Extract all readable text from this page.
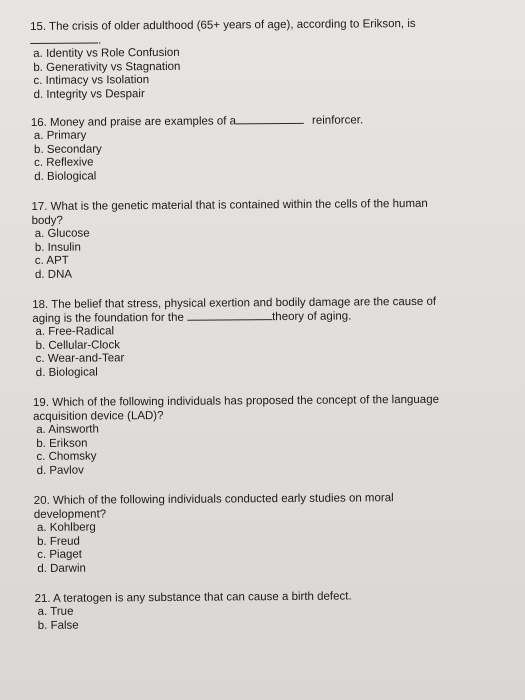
15. The crisis of older adulthood (65+ years of age), according to Erikson, is

.

a. Identity vs Role Confusion

b. Generativity vs Stagnation

c. Intimacy vs Isolation

d. Integrity vs Despair

16. Money and praise are examples of a	reinforcer.

a. Primary

b. Secondary

c. Reflexive

d. Biological

17. What is the genetic material that is contained within the cells of the human

body?

a. Glucose

b. Insulin

c. APT

d. DNA

18. The belief that stress, physical exertion and bodily damage are the cause of

aging is the foundation for the	theory of aging.

a. Free-Radical

b. Cellular-Clock

c. Wear-and-Tear

d. Biological

19. Which of the following individuals has proposed the concept of the language

acquisition device (LAD)?

a. Ainsworth

b. Erikson

c. Chomsky

d. Pavlov

20. Which of the following individuals conducted early studies on moral

development?

a. Kohlberg

b. Freud

c. Piaget

d. Darwin

21. A teratogen is any substance that can cause a birth defect.

a. True

b. False
